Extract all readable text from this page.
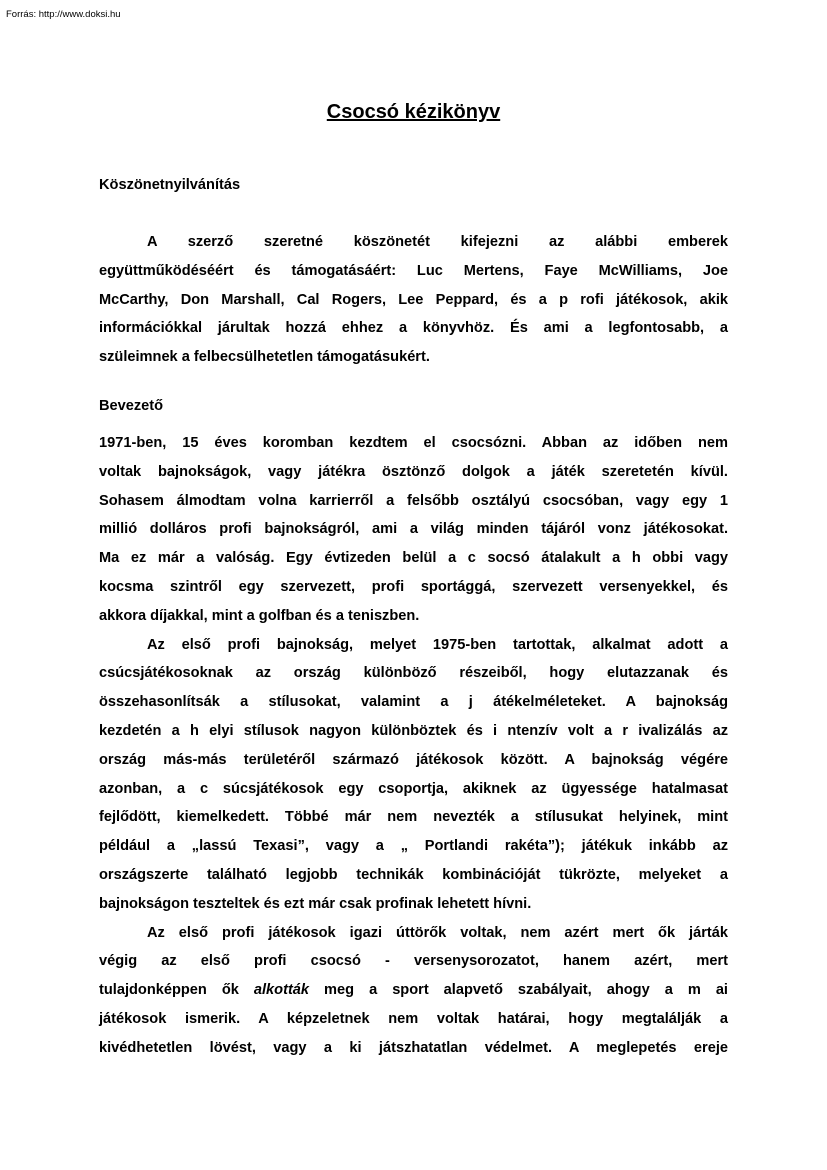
Forrás: http://www.doksi.hu
Csocsó kézikönyv
Köszönetnyilvánítás
A szerző szeretné köszönetét kifejezni az alábbi emberek
együttműködéséért és támogatásáért: Luc Mertens, Faye McWilliams, Joe
McCarthy, Don Marshall, Cal Rogers, Lee Peppard, és a p rofi játékosok, akik
információkkal járultak hozzá ehhez a könyvhöz. És ami a legfontosabb, a
szüleimnek a felbecsülhetetlen támogatásukért.
Bevezető
1971-ben, 15 éves koromban kezdtem el csocsózni. Abban az időben nem
voltak bajnokságok, vagy játékra ösztönző dolgok a játék szeretetén kívül.
Sohasem álmodtam volna karrierről a felsőbb osztályú csocsóban, vagy egy 1
millió dolláros profi bajnokságról, ami a világ minden tájáról vonz játékosokat.
Ma ez már a valóság. Egy évtizeden belül a c socsó átalakult a h obbi vagy
kocsma szintről egy szervezett, profi sportággá, szervezett versenyekkel, és
akkora díjakkal, mint a golfban és a teniszben.
Az első profi bajnokság, melyet 1975-ben tartottak, alkalmat adott a
csúcsjátékosoknak az ország különböző részeiből, hogy elutazzanak és
összehasonlítsák a stílusokat, valamint a j átékelméleteket. A bajnokság
kezdetén a h elyi stílusok nagyon különböztek és i ntenzív volt a r ivalizálás az
ország más-más területéről származó játékosok között. A bajnokság végére
azonban, a c súcsjátékosok egy csoportja, akiknek az ügyessége hatalmasat
fejlődött, kiemelkedett. Többé már nem nevezték a stílusukat helyinek, mint
például a „lassú Texasi”, vagy a „ Portlandi rakéta”); játékuk inkább az
országszerte található legjobb technikák kombinációját tükrözte, melyeket a
bajnokságon teszteltek és ezt már csak profinak lehetett hívni.
Az első profi játékosok igazi úttörők voltak, nem azért mert ők járták
végig az első profi csocsó - versenysorozatot, hanem azért, mert
tulajdonképpen ők alkották meg a sport alapvető szabályait, ahogy a m ai
játékosok ismerik. A képzeletnek nem voltak határai, hogy megtalálják a
kivédhetetlen lövést, vagy a ki játszhatatlan védelmet. A meglepetés ereje
